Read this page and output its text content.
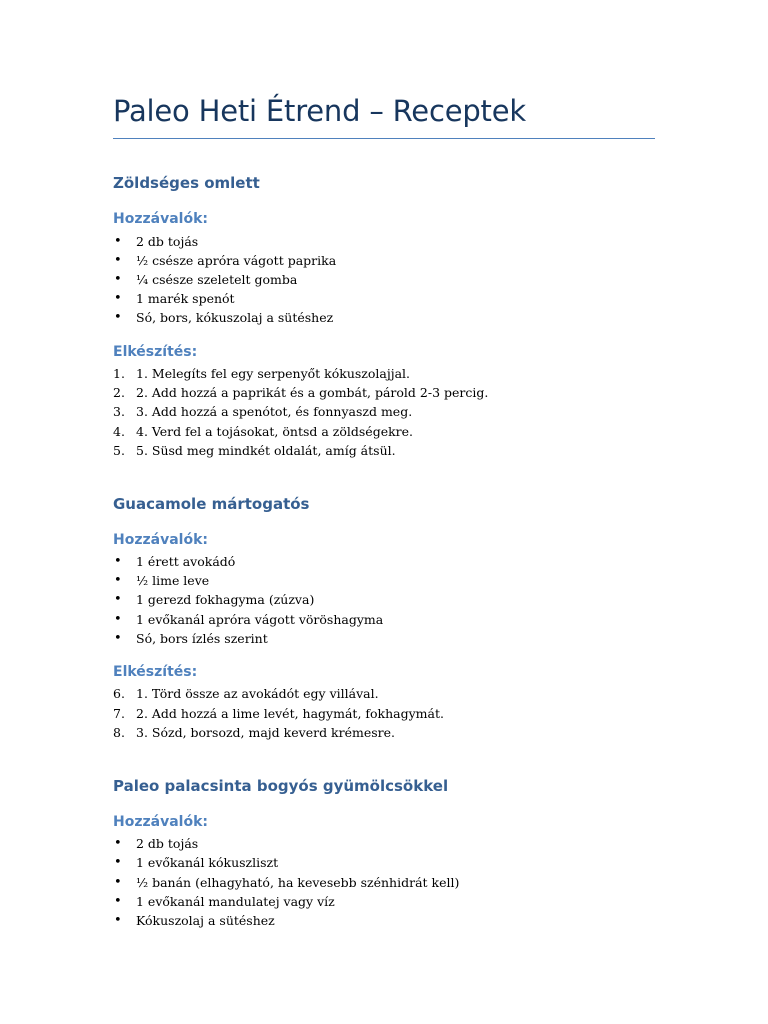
Paleo Heti Étrend – Receptek
Zöldséges omlett
Hozzávalók:
• 2 db tojás
• ½ csésze apróra vágott paprika
• ¼ csésze szeletelt gomba
• 1 marék spenót
• Só, bors, kókuszolaj a sütéshez
Elkészítés:
1. 1. Melegíts fel egy serpenyőt kókuszolajjal.
2. 2. Add hozzá a paprikát és a gombát, párold 2-3 percig.
3. 3. Add hozzá a spenótot, és fonnyaszd meg.
4. 4. Verd fel a tojásokat, öntsd a zöldségekre.
5. 5. Süsd meg mindkét oldalát, amíg átsül.
Guacamole mártogatós
Hozzávalók:
• 1 érett avokádó
• ½ lime leve
• 1 gerezd fokhagyma (zúzva)
• 1 evőkanál apróra vágott vöröshagyma
• Só, bors ízlés szerint
Elkészítés:
6. 1. Törd össze az avokádót egy villával.
7. 2. Add hozzá a lime levét, hagymát, fokhagymát.
8. 3. Sózd, borsozd, majd keverd krémesre.
Paleo palacsinta bogyós gyümölcsökkel
Hozzávalók:
• 2 db tojás
• 1 evőkanál kókuszliszt
• ½ banán (elhagyható, ha kevesebb szénhidrát kell)
• 1 evőkanál mandulatej vagy víz
• Kókuszolaj a sütéshez
